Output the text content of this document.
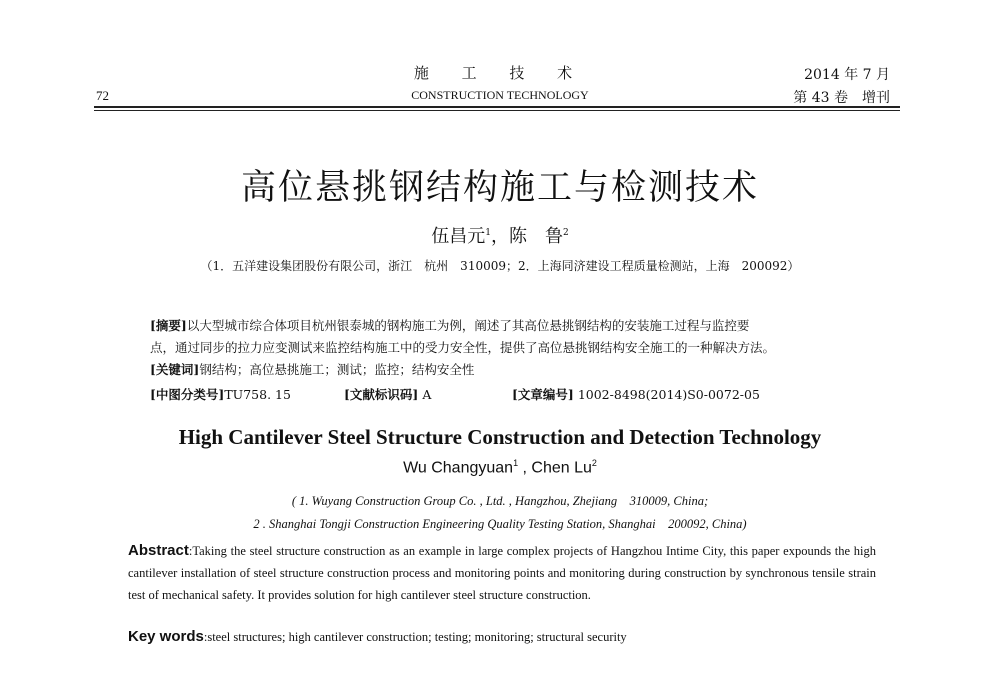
施 工 技 术
CONSTRUCTION TECHNOLOGY
72
2014 年 7 月
第 43 卷　增刊
高位悬挑钢结构施工与检测技术
伍昌元$^1$，陈　鲁$^2$
（1．五洋建设集团股份有限公司，浙江　杭州　310009；2．上海同济建设工程质量检测站，上海　200092）
[摘要]以大型城市综合体项目杭州银泰城的钢构施工为例，阐述了其高位悬挑钢结构的安装施工过程与监控要
点，通过同步的拉力应变测试来监控结构施工中的受力安全性，提供了高位悬挑钢结构安全施工的一种解决方法。
[关键词]钢结构；高位悬挑施工；测试；监控；结构安全性
[中图分类号]TU758. 15	[文献标识码] A	[文章编号] 1002-8498(2014)S0-0072-05
High Cantilever Steel Structure Construction and Detection Technology
Wu Changyuan$^1$ , Chen Lu$^2$
( 1. Wuyang Construction Group Co. , Ltd. , Hangzhou, Zhejiang　310009, China;
2 . Shanghai Tongji Construction Engineering Quality Testing Station, Shanghai　200092, China)
Abstract:Taking the steel structure construction as an example in large complex projects of Hangzhou Intime City, this paper expounds the high cantilever installation of steel structure construction process and monitoring points and monitoring during construction by synchronous tensile strain test of mechanical safety. It provides solution for high cantilever steel structure construction.
Key words:steel structures; high cantilever construction; testing; monitoring; structural security
